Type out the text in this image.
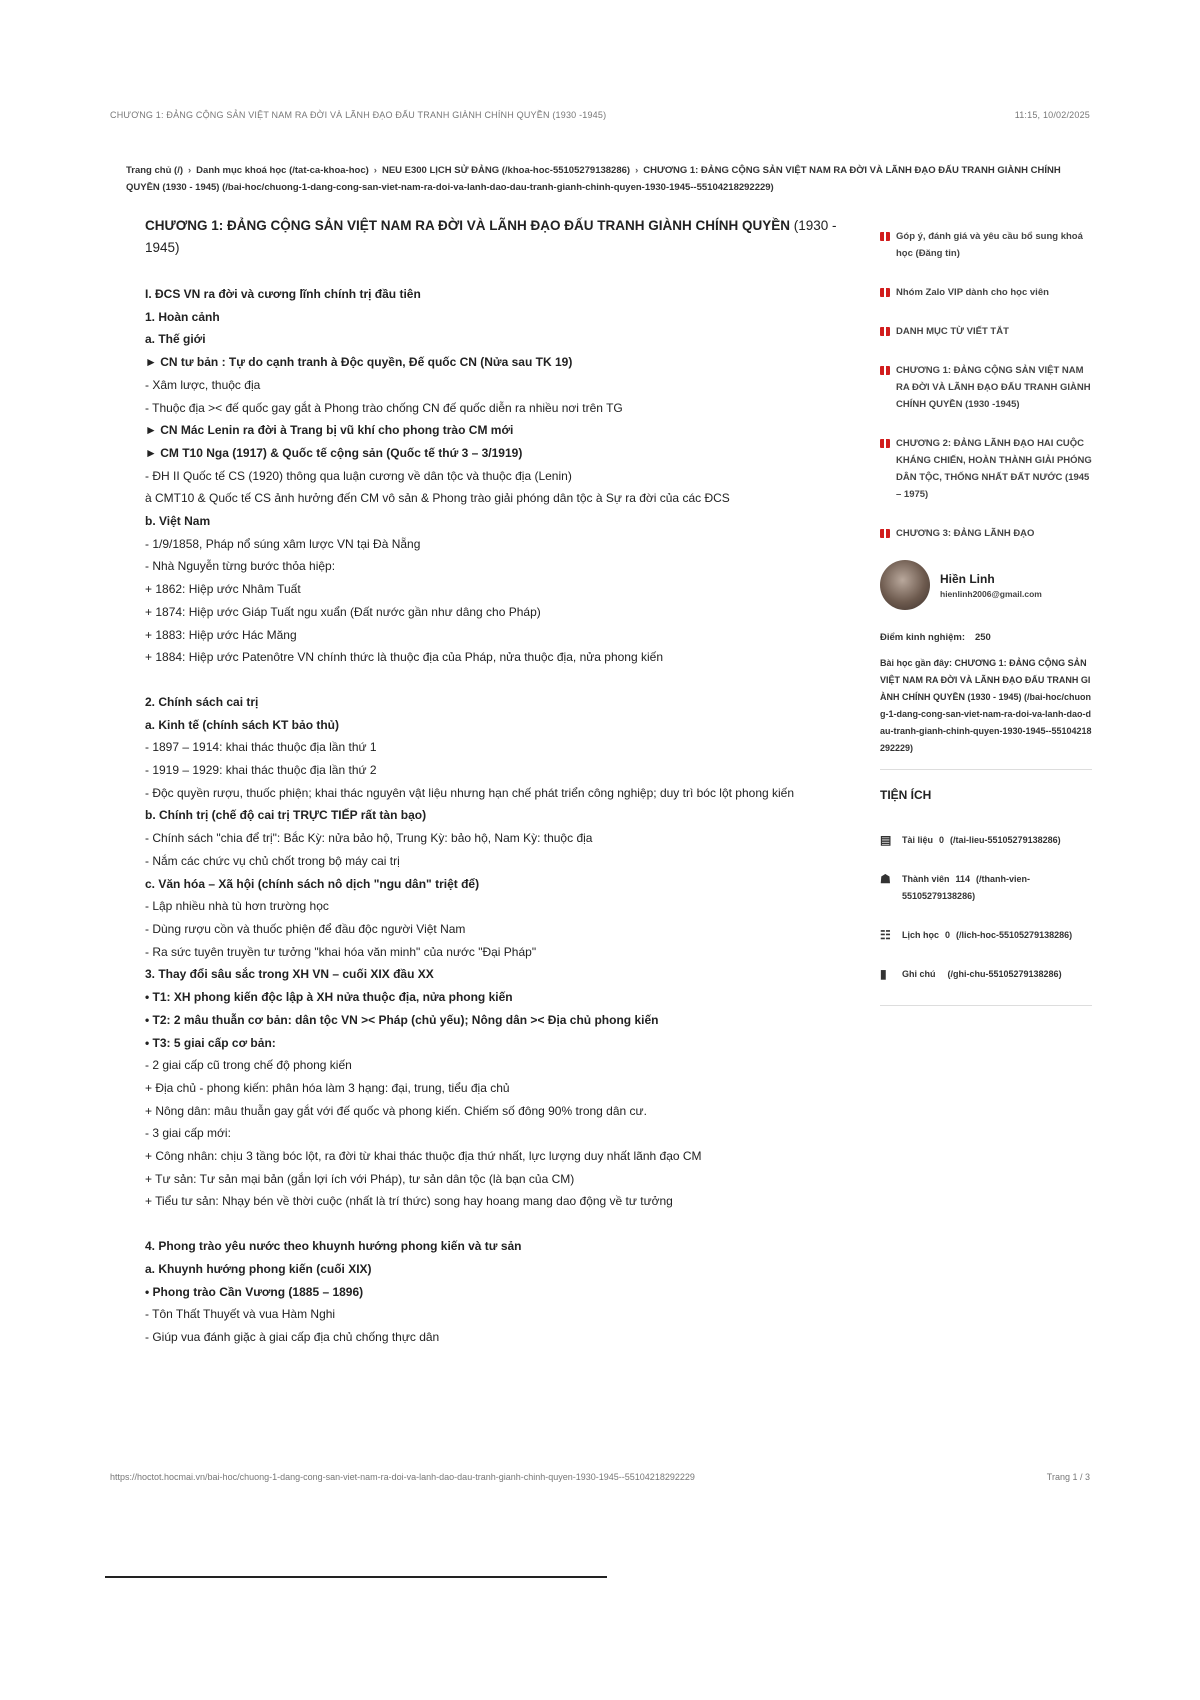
CHƯƠNG 1: ĐẢNG CỘNG SẢN VIỆT NAM RA ĐỜI VÀ LÃNH ĐẠO ĐẤU TRANH GIÀNH CHÍNH QUYỀN (1930 -1945)	11:15, 10/02/2025
Trang chủ (/) › Danh mục khoá học (/tat-ca-khoa-hoc) › NEU E300 LỊCH SỬ ĐẢNG (/khoa-hoc-55105279138286) › CHƯƠNG 1: ĐẢNG CỘNG SẢN VIỆT NAM RA ĐỜI VÀ LÃNH ĐẠO ĐẤU TRANH GIÀNH CHÍNH QUYỀN (1930 - 1945) (/bai-hoc/chuong-1-dang-cong-san-viet-nam-ra-doi-va-lanh-dao-dau-tranh-gianh-chinh-quyen-1930-1945--55104218292229)
CHƯƠNG 1: ĐẢNG CỘNG SẢN VIỆT NAM RA ĐỜI VÀ LÃNH ĐẠO ĐẤU TRANH GIÀNH CHÍNH QUYỀN (1930 - 1945)
I. ĐCS VN ra đời và cương lĩnh chính trị đầu tiên
1. Hoàn cảnh
a. Thế giới
► CN tư bản : Tự do cạnh tranh à Độc quyền, Đế quốc CN (Nửa sau TK 19)
- Xâm lược, thuộc địa
- Thuộc địa >< đế quốc gay gắt à Phong trào chống CN đế quốc diễn ra nhiều nơi trên TG
► CN Mác Lenin ra đời à Trang bị vũ khí cho phong trào CM mới
► CM T10 Nga (1917) & Quốc tế cộng sản (Quốc tế thứ 3 – 3/1919)
- ĐH II Quốc tế CS (1920) thông qua luận cương về dân tộc và thuộc địa (Lenin)
à CMT10 & Quốc tế CS ảnh hưởng đến CM vô sản & Phong trào giải phóng dân tộc à Sự ra đời của các ĐCS
b. Việt Nam
- 1/9/1858, Pháp nổ súng xâm lược VN tại Đà Nẵng
- Nhà Nguyễn từng bước thỏa hiệp:
+ 1862: Hiệp ước Nhâm Tuất
+ 1874: Hiệp ước Giáp Tuất ngu xuẩn (Đất nước gần như dâng cho Pháp)
+ 1883: Hiệp ước Hác Măng
+ 1884: Hiệp ước Patenôtre VN chính thức là thuộc địa của Pháp, nửa thuộc địa, nửa phong kiến
2. Chính sách cai trị
a. Kinh tế (chính sách KT bảo thủ)
- 1897 – 1914: khai thác thuộc địa lần thứ 1
- 1919 – 1929: khai thác thuộc địa lần thứ 2
- Độc quyền rượu, thuốc phiện; khai thác nguyên vật liệu nhưng hạn chế phát triển công nghiệp; duy trì bóc lột phong kiến
b. Chính trị (chế độ cai trị TRỰC TIẾP rất tàn bạo)
- Chính sách "chia để trị": Bắc Kỳ: nửa bảo hộ, Trung Kỳ: bảo hộ, Nam Kỳ: thuộc địa
- Nắm các chức vụ chủ chốt trong bộ máy cai trị
c. Văn hóa – Xã hội (chính sách nô dịch "ngu dân" triệt để)
- Lập nhiều nhà tù hơn trường học
- Dùng rượu cồn và thuốc phiện để đầu độc người Việt Nam
- Ra sức tuyên truyền tư tưởng "khai hóa văn minh" của nước "Đại Pháp"
3. Thay đổi sâu sắc trong XH VN – cuối XIX đầu XX
• T1: XH phong kiến độc lập à XH nửa thuộc địa, nửa phong kiến
• T2: 2 mâu thuẫn cơ bản: dân tộc VN >< Pháp (chủ yếu); Nông dân >< Địa chủ phong kiến
• T3: 5 giai cấp cơ bản:
- 2 giai cấp cũ trong chế độ phong kiến
+ Địa chủ - phong kiến: phân hóa làm 3 hạng: đại, trung, tiểu địa chủ
+ Nông dân: mâu thuẫn gay gắt với đế quốc và phong kiến. Chiếm số đông 90% trong dân cư.
- 3 giai cấp mới:
+ Công nhân: chịu 3 tầng bóc lột, ra đời từ khai thác thuộc địa thứ nhất, lực lượng duy nhất lãnh đạo CM
+ Tư sản: Tư sản mại bản (gắn lợi ích với Pháp), tư sản dân tộc (là bạn của CM)
+ Tiểu tư sản: Nhạy bén về thời cuộc (nhất là trí thức) song hay hoang mang dao động về tư tưởng
4. Phong trào yêu nước theo khuynh hướng phong kiến và tư sản
a. Khuynh hướng phong kiến (cuối XIX)
• Phong trào Cần Vương (1885 – 1896)
- Tôn Thất Thuyết và vua Hàm Nghi
- Giúp vua đánh giặc à giai cấp địa chủ chống thực dân
Góp ý, đánh giá và yêu cầu bổ sung khoá học (Đăng tin)
Nhóm Zalo VIP dành cho học viên
DANH MỤC TỪ VIẾT TẮT
CHƯƠNG 1: ĐẢNG CỘNG SẢN VIỆT NAM RA ĐỜI VÀ LÃNH ĐẠO ĐẤU TRANH GIÀNH CHÍNH QUYỀN (1930 -1945)
CHƯƠNG 2: ĐẢNG LÃNH ĐẠO HAI CUỘC KHÁNG CHIẾN, HOÀN THÀNH GIẢI PHÓNG DÂN TỘC, THỐNG NHẤT ĐẤT NƯỚC (1945 – 1975)
CHƯƠNG 3: ĐẢNG LÃNH ĐẠO
Hiền Linh
hienlinh2006@gmail.com
Điểm kinh nghiệm: 250
Bài học gần đây: CHƯƠNG 1: ĐẢNG CỘNG SẢN VIỆT NAM RA ĐỜI VÀ LÃNH ĐẠO ĐẤU TRANH GIÀNH CHÍNH QUYỀN (1930 - 1945) (/bai-hoc/chuong-1-dang-cong-san-viet-nam-ra-doi-va-lanh-dao-dau-tranh-gianh-chinh-quyen-1930-1945--55104218292229)
TIỆN ÍCH
▤ Tài liệu 0 (/tai-lieu-55105279138286)
☗	Thành viên 114 (/thanh-vien-55105279138286)
☷	Lịch học 0 (/lich-hoc-55105279138286)
▮	Ghi chú (/ghi-chu-55105279138286)
https://hoctot.hocmai.vn/bai-hoc/chuong-1-dang-cong-san-viet-nam-ra-doi-va-lanh-dao-dau-tranh-gianh-chinh-quyen-1930-1945--55104218292229	Trang 1 / 3
